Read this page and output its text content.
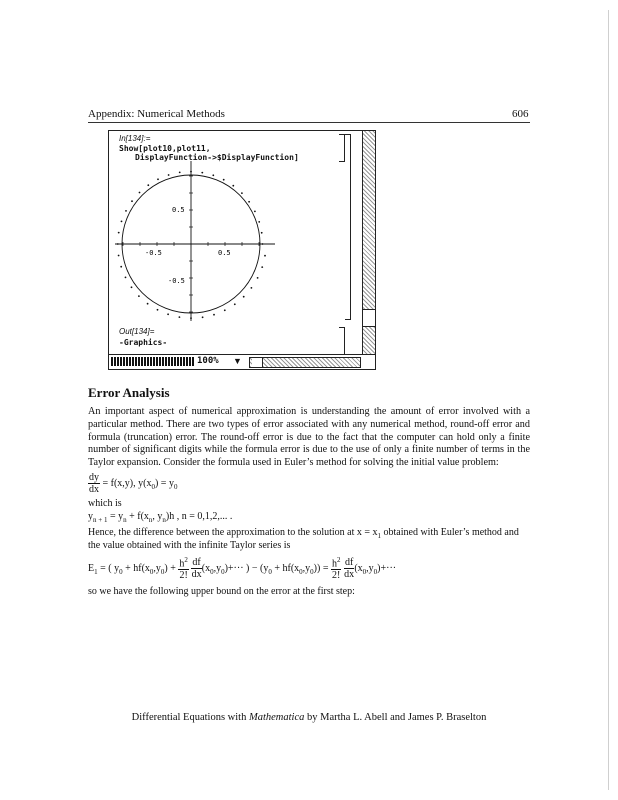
Appendix: Numerical Methods	606
In[134]:=
Show[plot10,plot11,
DisplayFunction->$DisplayFunction]
0.5
-0.5
-0.5	0.5
Out[134]=
-Graphics-
100% ▼
Error Analysis
An important aspect of numerical approximation is understanding the amount of error involved with a particular method. There are two types of error associated with any numerical method, round-off error and formula (truncation) error. The round-off error is due to the fact that the computer can hold only a finite number of significant digits while the formula error is due to the use of only a finite number of terms in the Taylor expansion. Consider the formula used in Euler’s method for solving the initial value problem:
$\frac{dy}{dx} = f(x,y)$, $y(x_0) = y_0$
which is
$y_{n + 1} = y_n + f(x_n$, $y_n)h$ , n = 0,1,2,... .
Hence, the difference between the approximation to the solution at $x = x_1$ obtained with Euler’s method and
the value obtained with the infinite Taylor series is
$E_1$ = ( $y_0 + hf(x_0,y_0) + \frac{h^2}{2!}$
$\frac{df}{dx} (x_0,y_0)+\cdot\cdot\cdot$ ) − $(y_0 + hf(x_0,y_0)) = \frac{h^2}{2!}$
$\frac{df}{dx} (x_0,y_0)+\cdot\cdot\cdot$
so we have the following upper bound on the error at the first step:
Differential Equations with Mathematica by Martha L. Abell and James P. Braselton
